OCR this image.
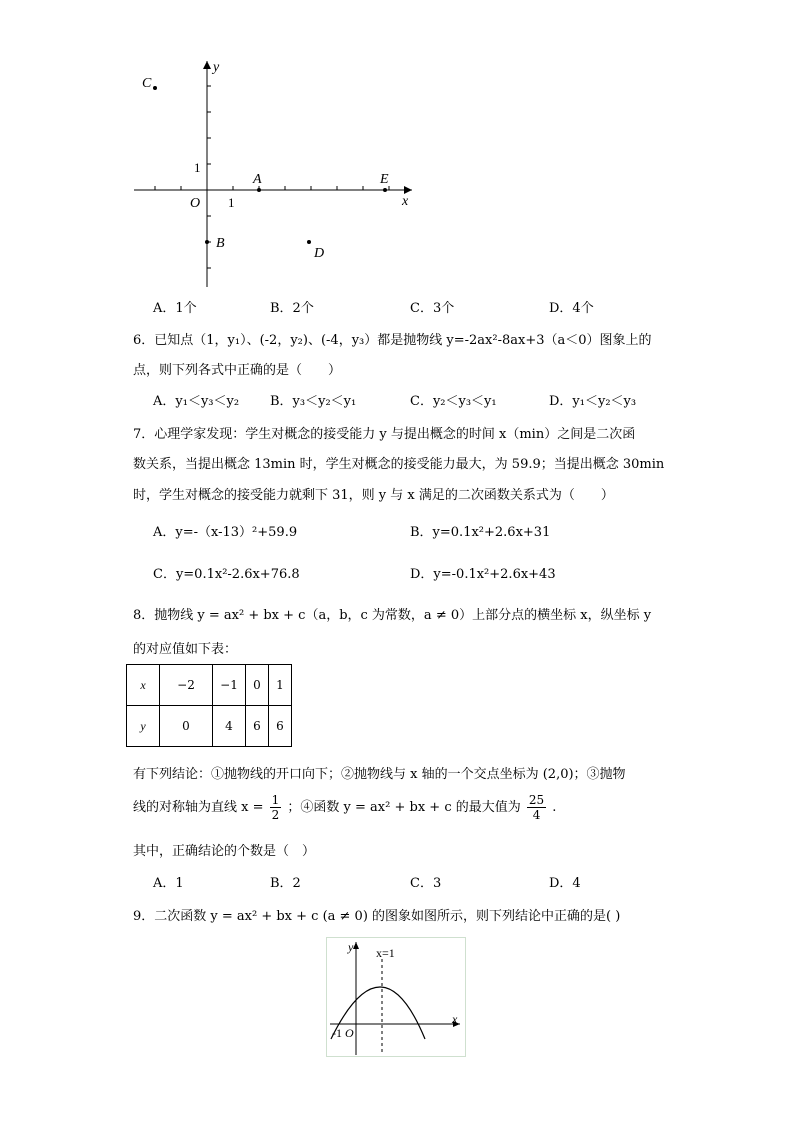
C
y
1
A	E
x
O 1
B
D
A．1个	B．2个	C．3个	D．4个
6．已知点（1，y₁）、(-2，y₂)、(-4，y₃）都是抛物线 y=-2ax²-8ax+3（a＜0）图象上的
点，则下列各式中正确的是（　　）
A．y₁＜y₃＜y₂ B．y₃＜y₂＜y₁	C．y₂＜y₃＜y₁	D．y₁＜y₂＜y₃
7．心理学家发现：学生对概念的接受能力 y 与提出概念的时间 x（min）之间是二次函
数关系，当提出概念 13min 时，学生对概念的接受能力最大，为 59.9；当提出概念 30min
时，学生对概念的接受能力就剩下 31，则 y 与 x 满足的二次函数关系式为（　　）
A．y=-（x-13）²+59.9	B．y=0.1x²+2.6x+31
C．y=0.1x²-2.6x+76.8	D．y=-0.1x²+2.6x+43
8．抛物线 y = ax² + bx + c（a，b，c 为常数，a ≠ 0）上部分点的横坐标 x，纵坐标 y
的对应值如下表：
x	−2	−1	0	1
y	0	4	6	6
有下列结论：①抛物线的开口向下；②抛物线与 x 轴的一个交点坐标为 (2,0)；③抛物
线的对称轴为直线 $x = \frac{1}{2}$ ；④函数 y = ax² + bx + c 的最大值为 $\frac{25}{4}$ .
其中，正确结论的个数是（　）
A．1	B．2	C．3	D．4
9．二次函数 y = ax² + bx + c (a ≠ 0) 的图象如图所示，则下列结论中正确的是( )
y x=1
x
-1 O
